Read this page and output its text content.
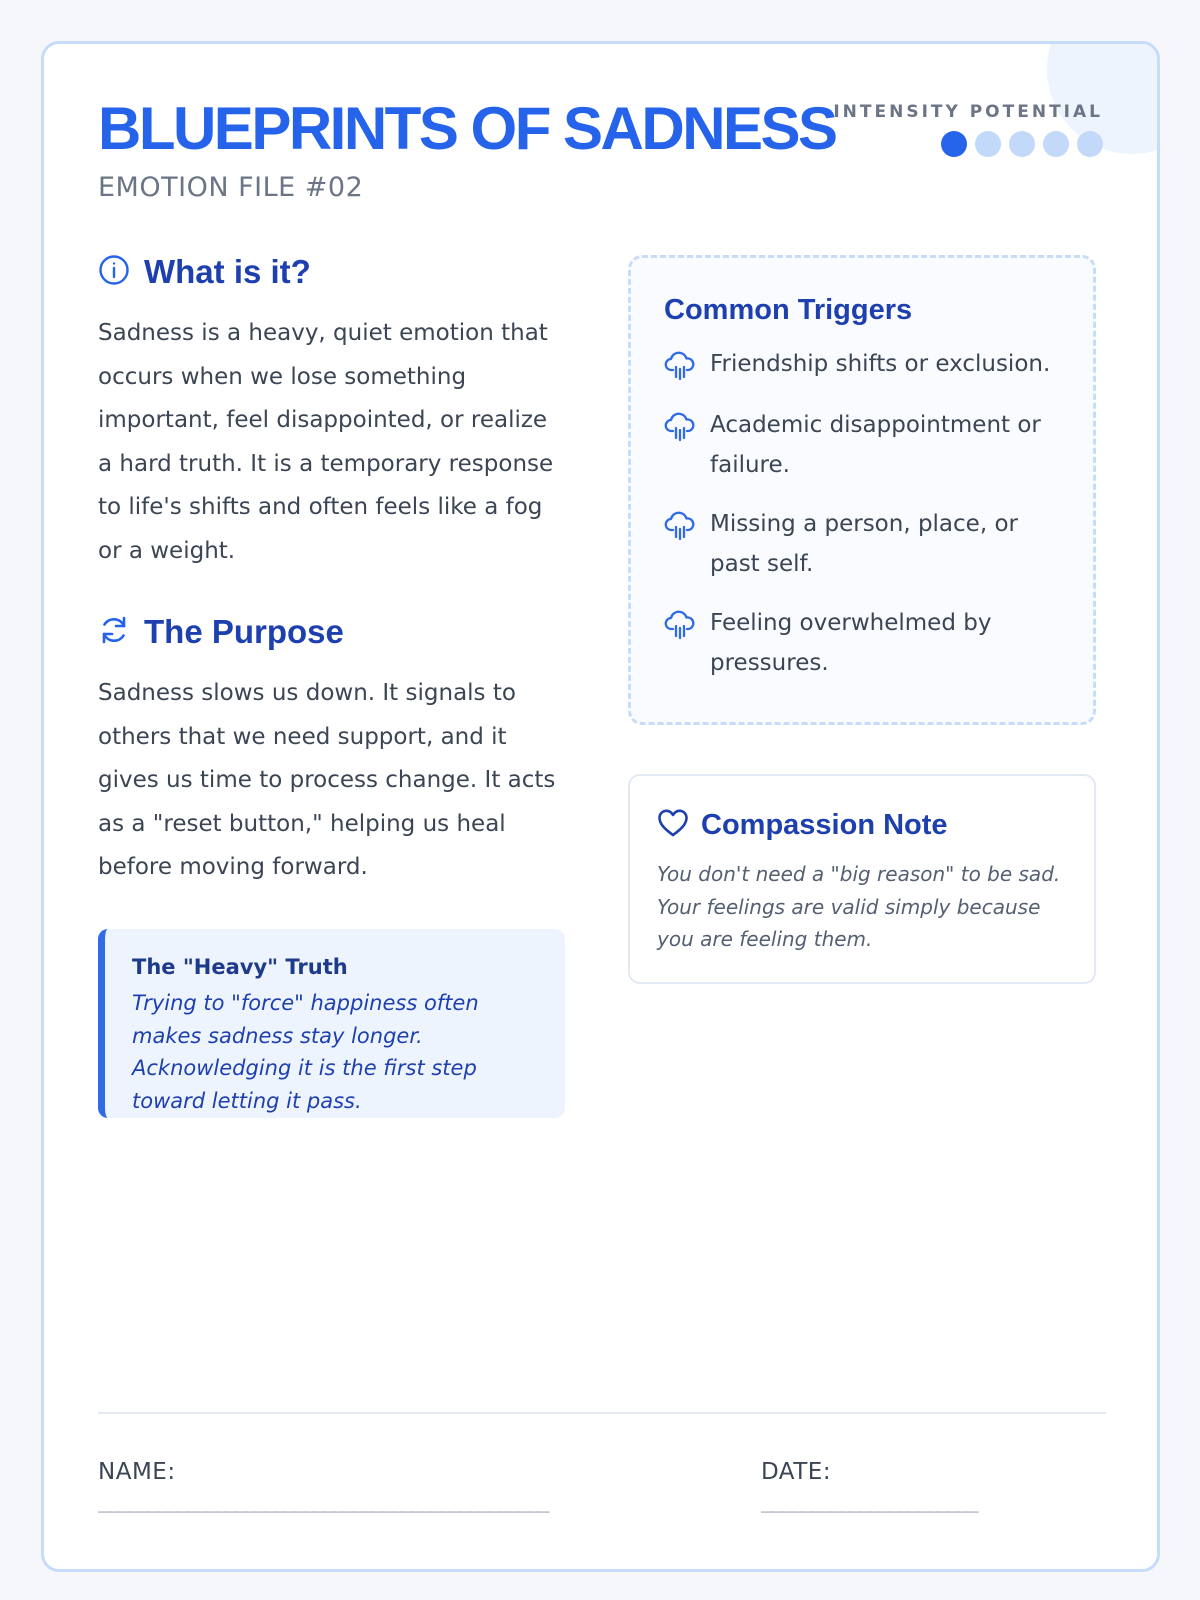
BLUEPRINTS OF SADNESS
EMOTION FILE #02
INTENSITY POTENTIAL
What is it?

Sadness is a heavy, quiet emotion that occurs when we lose something important, feel disappointed, or realize a hard truth. It is a temporary response to life's shifts and often feels like a fog or a weight.

The Purpose

Sadness slows us down. It signals to others that we need support, and it gives us time to process change. It acts as a "reset button," helping us heal before moving forward.

The "Heavy" Truth

Trying to "force" happiness often makes sadness stay longer. Acknowledging it is the first step toward letting it pass.

Common Triggers
Friendship shifts or exclusion.
Academic disappointment or failure.
Missing a person, place, or past self.
Feeling overwhelmed by pressures.
Compassion Note

You don't need a "big reason" to be sad. Your feelings are valid simply because you are feeling them.

NAME:
______________________________________________
DATE:
______________________
